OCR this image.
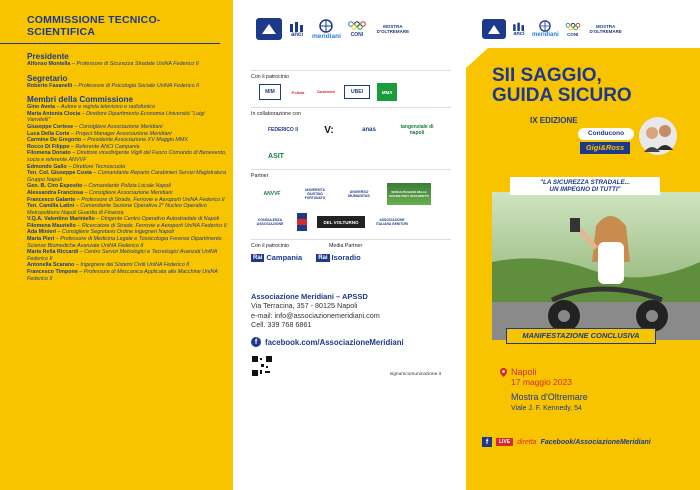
COMMISSIONE TECNICO-SCIENTIFICA
Presidente
Alfonso Montella – Professore di Sicurezza Stradale UniNA Federico II
Segretario
Roberto Fasanelli – Professore di Psicologia Sociale UniNA Federico II
Membri della Commissione
Gino Aveta – Autore e regista televisivo e radiofonico
Maria Antonia Ciocia – Direttore Dipartimento Economia Università "Luigi Vanvitelli"
Giuseppe Cortese – Consigliere Associazione Meridiani
Luca Della Corte – Project Manager Associazione Meridiani
Carmine De Gregorio – Presidente Associazione XV Maggio MMX
Rocco Di Filippo – Referente ANCI Campania
Filomena Donato – Direttore vicedirigente Vigili del Fuoco Comando di Benevento, socia e referente ANVVF
Edmondo Gallo – Direttore Tecnoscuola
Ten. Col. Giuseppe Costa – Comandante Reparto Carabinieri Servizi Magistratura Gruppo Napoli
Gen. B. Ciro Esposito – Comandante Polizia Locale Napoli
Alessandra Franciosa – Consigliere Associazione Meridiani
Francesco Galante – Professore di Strade, Ferrovie e Aeroporti UniNA Federico II
Ten. Camilla Latini – Comandante Sezione Operativa 2° Nucleo Operativo Metropolitano Napoli Guardia di Finanza
V.Q.A. Valentino Mariniello – Dirigente Centro Operativo Autostradale di Napoli
Filomena Mauriello – Ricercatore di Strade, Ferrovie e Aeroporti UniNA Federico II
Ada Minieri – Consigliere Segretario Ordine Ingegneri Napoli
Maria Pieri – Professore di Medicina Legale e Tossicologia Forense Dipartimento Scienze Biomediche Avanzate UniNA Federico II
Maria Rella Riccardi – Centro Servizi Metrologici e Tecnologici Avanzati UniNA Federico II
Antonella Scarano – Ingegnere dei Sistemi Civili UniNA Federico II
Francesco Timpone – Professore di Meccanica Applicata alle Macchine UniNA Federico II
anci meridiani CONI
MOSTRA D'OLTREMARE
Con il patrocinio
MIM	Polizia	Carabinieri	UBEI	MMX
In collaborazione con
FEDERICO II	V:	anas	tangenziale di napoli
ASIT
Partner
ANVVF
UNIVERSITÀ GIUSTINO FORTUNATO
UNIVERSO MUMANITAS
SPADA PIASANO DELLE SICURE PER I SUOI DIRITTI
CONSULENZA ASSOCIAZIONE	DEL VOLTURNO	ASSOCIAZIONE ITALIANA GENITORI
Con il patrocinio	Media Partner
Rai Campania	Rai Isoradio
Associazione Meridiani – APSSD
Via Terracina, 357 - 80125 Napoli
e-mail: info@associazionemeridiani.com
Cell. 339 768 6861
f	facebook.com/AssociazioneMeridiani
signumcomunicazione.it
anci meridiani CONI
MOSTRA D'OLTREMARE
SII SAGGIO,
GUIDA SICURO
IX EDIZIONE
Conducono
Gigi&Ross
"LA SICUREZZA STRADALE...
UN IMPEGNO DI TUTTI"
MANIFESTAZIONE CONCLUSIVA
Napoli
17 maggio 2023
Mostra d'Oltremare
Viale J. F. Kennedy, 54
f	LIVE	diretta Facebook/AssociazioneMeridiani
